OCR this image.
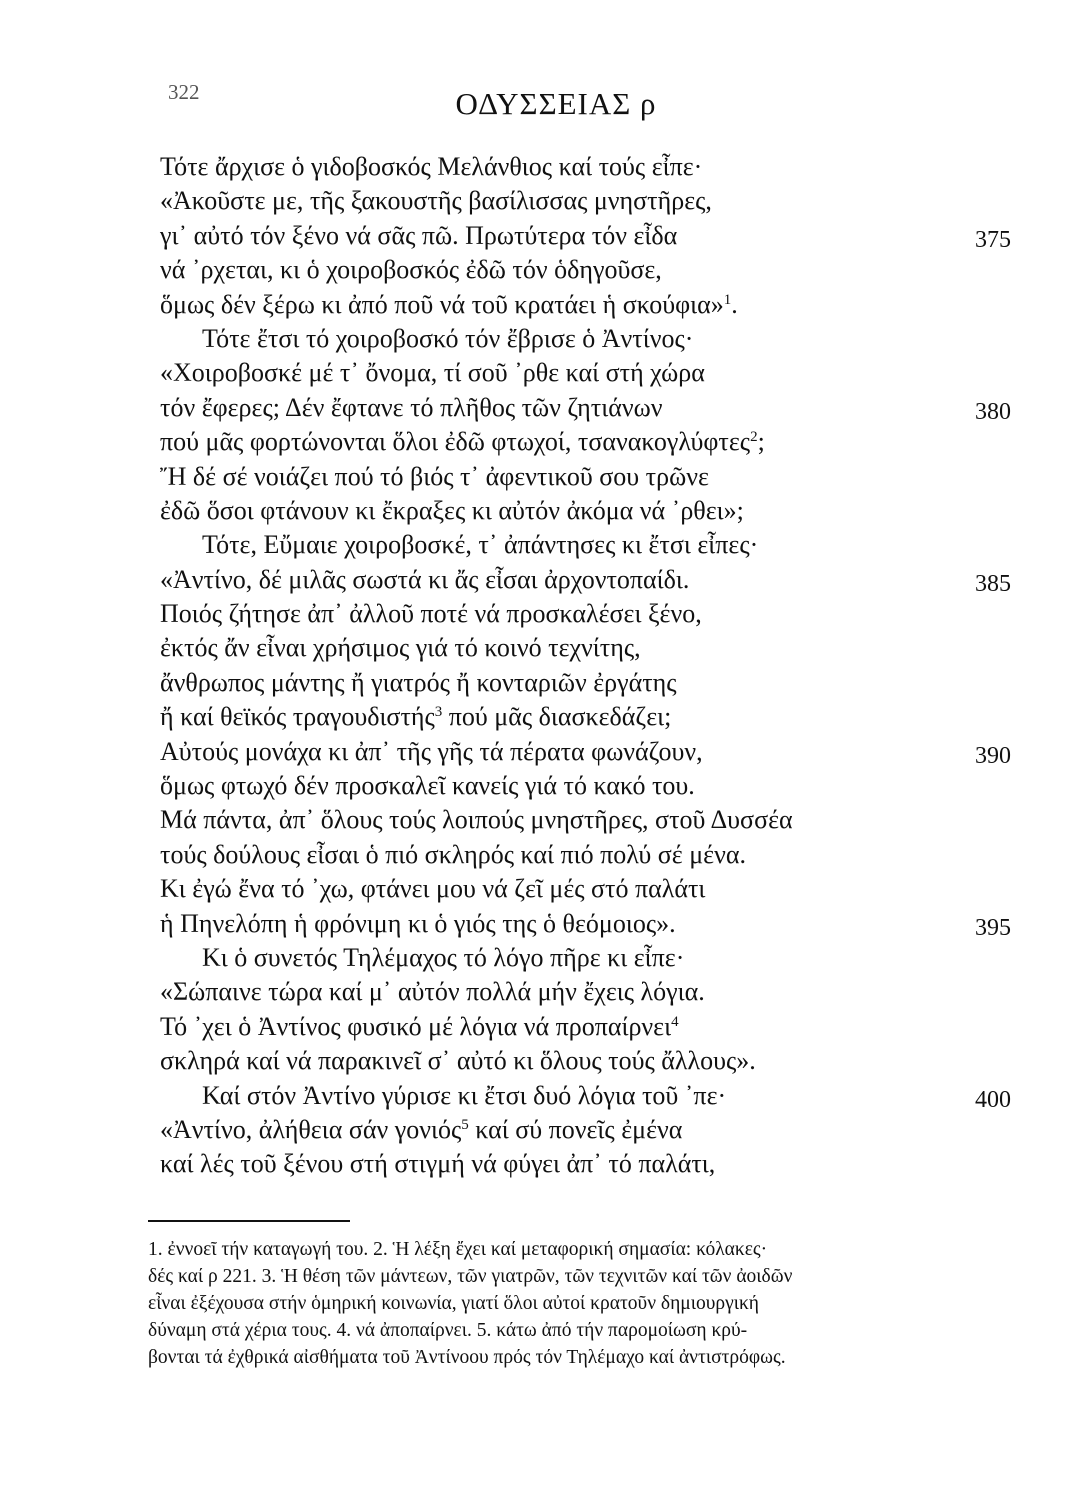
322	ΟΔΥΣΣΕΙΑΣ ρ
Τότε ἄρχισε ὁ γιδοβοσκός Μελάνθιος καί τούς εἶπε·
«Ἀκοῦστε με, τῆς ξακουστῆς βασίλισσας μνηστῆρες,
γι᾿ αὐτό τόν ξένο νά σᾶς πῶ. Πρωτύτερα τόν εἶδα	375
νά ᾽ρχεται, κι ὁ χοιροβοσκός ἐδῶ τόν ὁδηγοῦσε,
ὅμως δέν ξέρω κι ἀπό ποῦ νά τοῦ κρατάει ἡ σκούφια»$^1$.
Τότε ἔτσι τό χοιροβοσκό τόν ἔβρισε ὁ Ἀντίνος·
«Χοιροβοσκέ μέ τ᾿ ὄνομα, τί σοῦ ᾽ρθε καί στή χώρα
τόν ἔφερες; Δέν ἔφτανε τό πλῆθος τῶν ζητιάνων	380
πού μᾶς φορτώνονται ὅλοι ἐδῶ φτωχοί, τσανακογλύφτες$^2$;
Ἤ δέ σέ νοιάζει πού τό βιός τ᾿ ἀφεντικοῦ σου τρῶνε
ἐδῶ ὅσοι φτάνουν κι ἔκραξες κι αὐτόν ἀκόμα νά ᾽ρθει»;
Τότε, Εὔμαιε χοιροβοσκέ, τ᾿ ἀπάντησες κι ἔτσι εἶπες·
«Ἀντίνο, δέ μιλᾶς σωστά κι ἄς εἶσαι ἀρχοντοπαίδι.	385
Ποιός ζήτησε ἀπ᾿ ἀλλοῦ ποτέ νά προσκαλέσει ξένο,
ἐκτός ἄν εἶναι χρήσιμος γιά τό κοινό τεχνίτης,
ἄνθρωπος μάντης ἤ γιατρός ἤ κονταριῶν ἐργάτης
ἤ καί θεϊκός τραγουδιστής$^3$ πού μᾶς διασκεδάζει;
Αὐτούς μονάχα κι ἀπ᾿ τῆς γῆς τά πέρατα φωνάζουν,	390
ὅμως φτωχό δέν προσκαλεῖ κανείς γιά τό κακό του.
Μά πάντα, ἀπ᾿ ὅλους τούς λοιπούς μνηστῆρες, στοῦ Δυσσέα
τούς δούλους εἶσαι ὁ πιό σκληρός καί πιό πολύ σέ μένα.
Κι ἐγώ ἔνα τό ᾽χω, φτάνει μου νά ζεῖ μές στό παλάτι
ἡ Πηνελόπη ἡ φρόνιμη κι ὁ γιός της ὁ θεόμοιος».	395
Κι ὁ συνετός Τηλέμαχος τό λόγο πῆρε κι εἶπε·
«Σώπαινε τώρα καί μ᾿ αὐτόν πολλά μήν ἔχεις λόγια.
Τό ᾽χει ὁ Ἀντίνος φυσικό μέ λόγια νά προπαίρνει$^4$
σκληρά καί νά παρακινεῖ σ᾿ αὐτό κι ὅλους τούς ἄλλους».
Καί στόν Ἀντίνο γύρισε κι ἔτσι δυό λόγια τοῦ ᾽πε·	400
«Ἀντίνο, ἀλήθεια σάν γονιός$^5$ καί σύ πονεῖς ἐμένα
καί λές τοῦ ξένου στή στιγμή νά φύγει ἀπ᾿ τό παλάτι,
1. ἐννοεῖ τήν καταγωγή του. 2. Ἡ λέξη ἔχει καί μεταφορική σημασία: κόλακες·
δές καί ρ 221. 3. Ἡ θέση τῶν μάντεων, τῶν γιατρῶν, τῶν τεχνιτῶν καί τῶν ἀοιδῶν
εἶναι ἐξέχουσα στήν ὁμηρική κοινωνία, γιατί ὅλοι αὐτοί κρατοῦν δημιουργική
δύναμη στά χέρια τους. 4. νά ἀποπαίρνει. 5. κάτω ἀπό τήν παρομοίωση κρύ-
βονται τά ἐχθρικά αἰσθήματα τοῦ Ἀντίνοου πρός τόν Τηλέμαχο καί ἀντιστρόφως.
